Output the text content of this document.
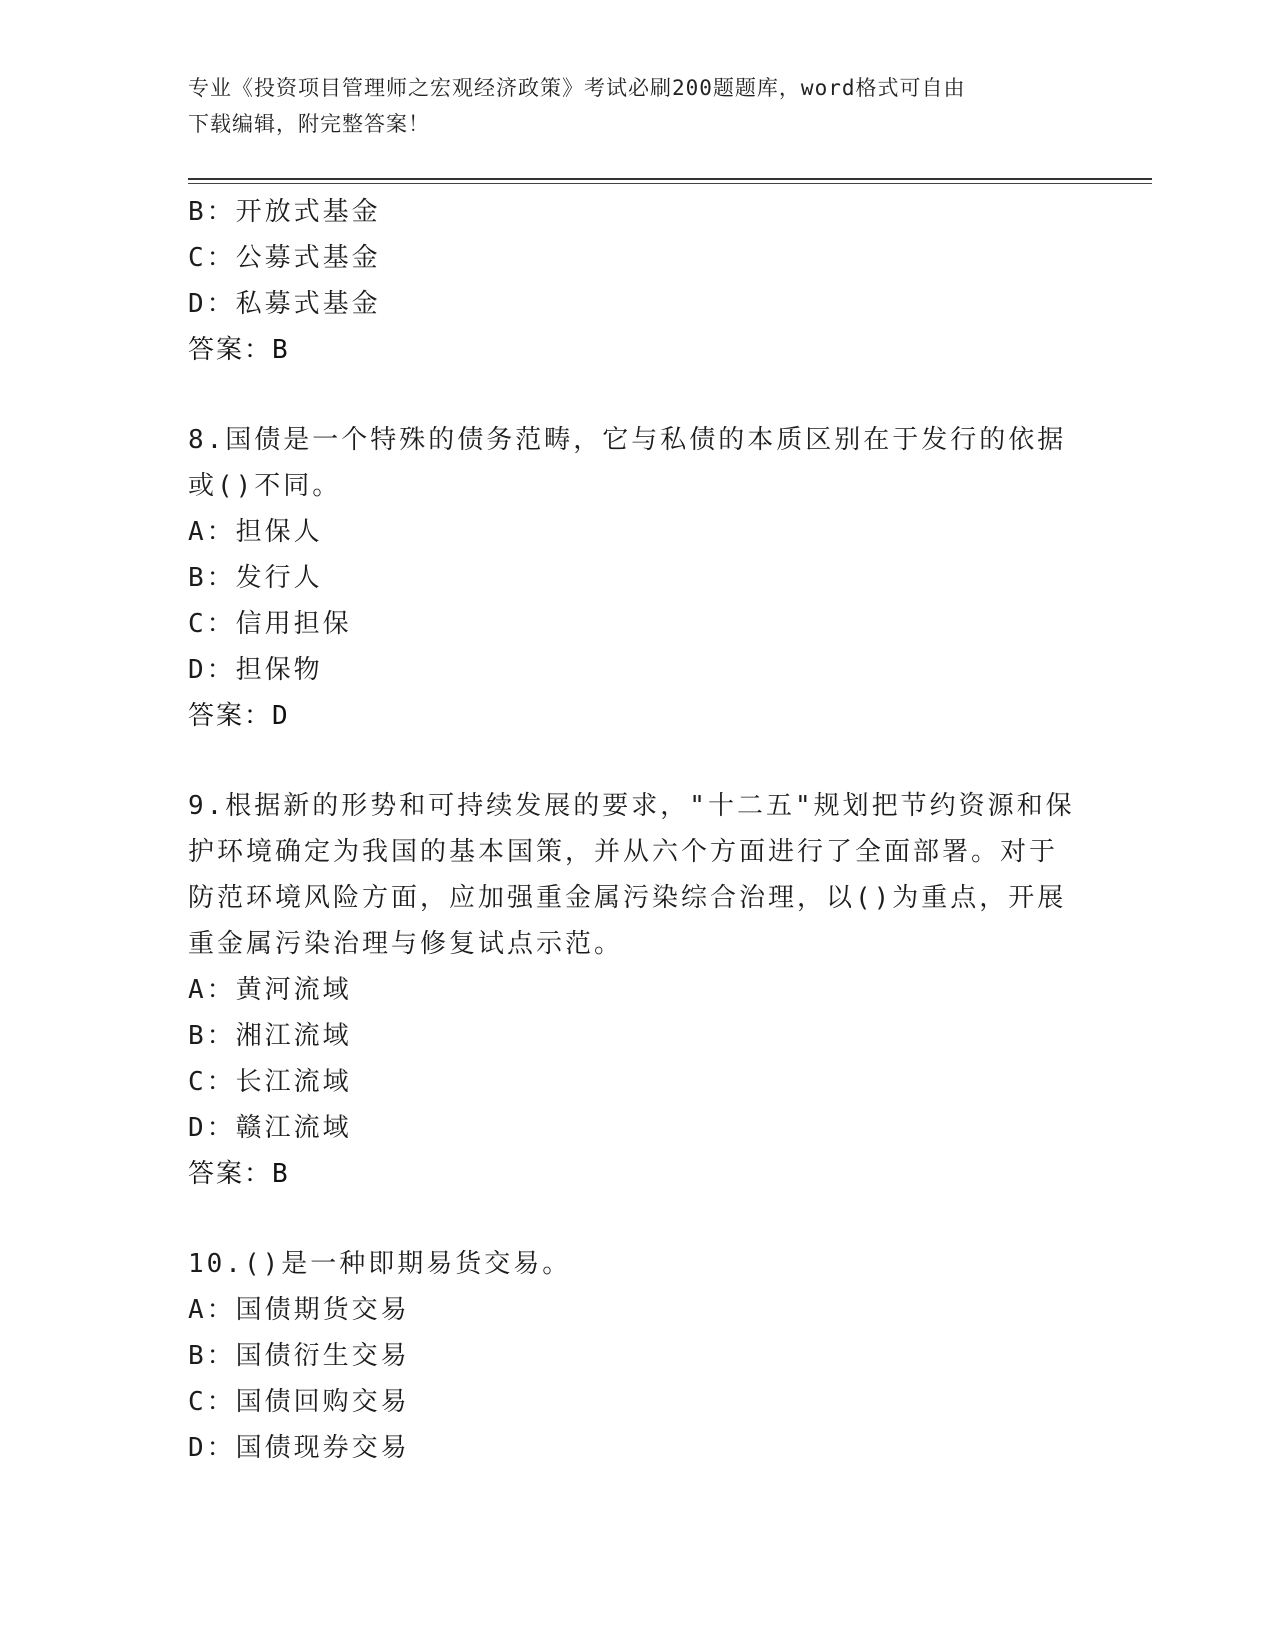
专业《投资项目管理师之宏观经济政策》考试必刷200题题库，word格式可自由
下载编辑，附完整答案！
B：开放式基金
C：公募式基金
D：私募式基金
答案：B
8.国债是一个特殊的债务范畴，它与私债的本质区别在于发行的依据
或()不同。
A：担保人
B：发行人
C：信用担保
D：担保物
答案：D
9.根据新的形势和可持续发展的要求，"十二五"规划把节约资源和保
护环境确定为我国的基本国策，并从六个方面进行了全面部署。对于
防范环境风险方面，应加强重金属污染综合治理，以()为重点，开展
重金属污染治理与修复试点示范。
A：黄河流域
B：湘江流域
C：长江流域
D：赣江流域
答案：B
10.()是一种即期易货交易。
A：国债期货交易
B：国债衍生交易
C：国债回购交易
D：国债现券交易
